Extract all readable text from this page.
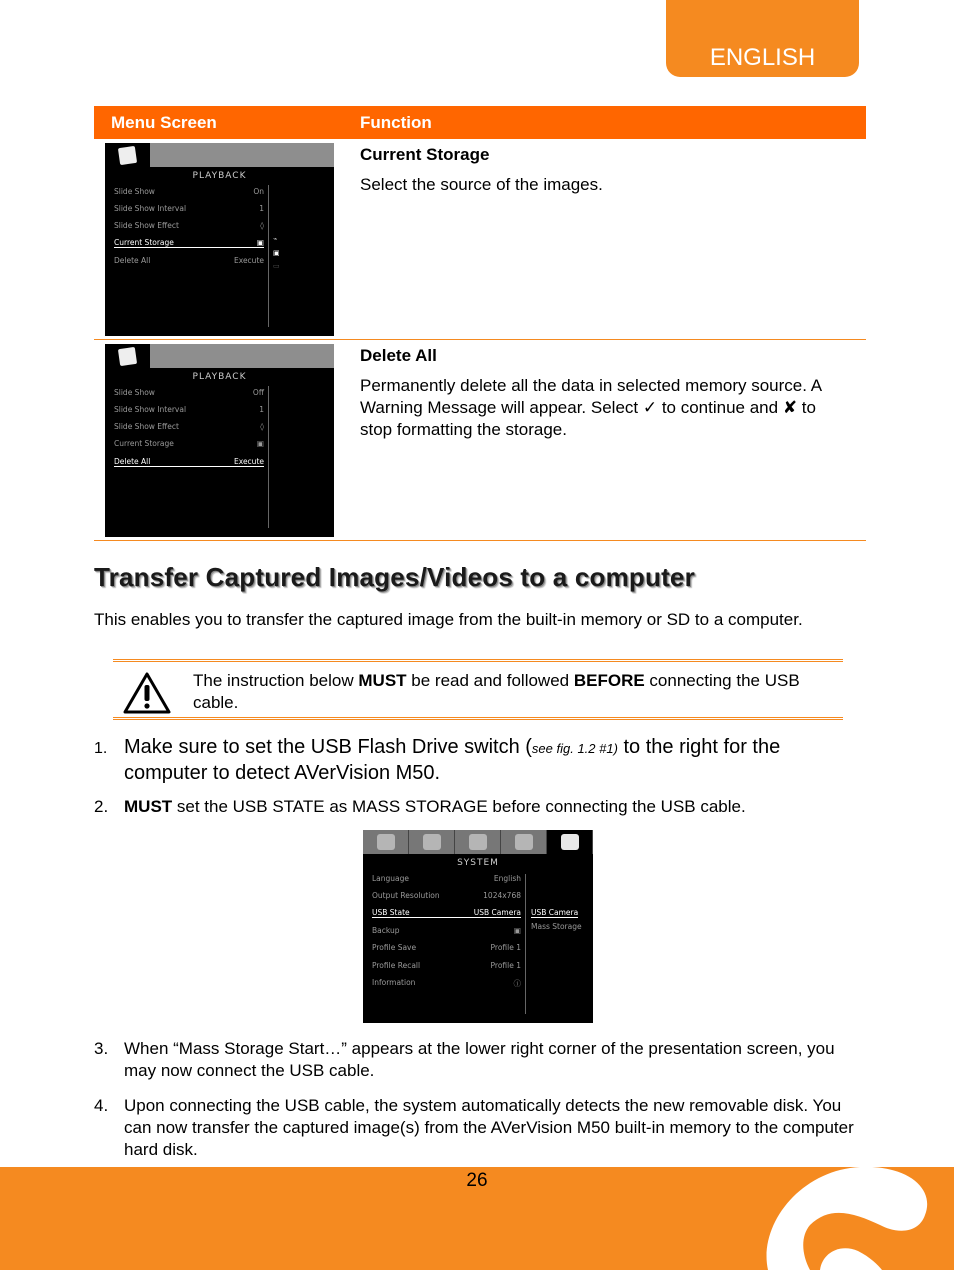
ENGLISH
Menu Screen	Function
PLAYBACK
Slide Show	On
Slide Show Interval	1
Slide Show Effect	◊
Current Storage	▣
Delete All	Execute
⌁
▣
▭
Current Storage
Select the source of the images.
PLAYBACK
Slide Show	Off
Slide Show Interval	1
Slide Show Effect	◊
Current Storage	▣
Delete All	Execute
Delete All
Permanently delete all the data in selected memory source. A Warning Message will appear. Select ✓ to continue and ✘ to stop formatting the storage.
Transfer Captured Images/Videos to a computer
This enables you to transfer the captured image from the built-in memory or SD to a computer.
The instruction below MUST be read and followed BEFORE connecting the USB cable.
1. Make sure to set the USB Flash Drive switch (see fig. 1.2 #1) to the right for the computer to detect AVerVision M50.
2. MUST set the USB STATE as MASS STORAGE before connecting the USB cable.
SYSTEM
Language	English
Output Resolution	1024x768
USB State	USB Camera
Backup	▣
Profile Save	Profile 1
Profile Recall	Profile 1
Information	ⓘ
USB Camera
Mass Storage
3. When “Mass Storage Start…” appears at the lower right corner of the presentation screen, you may now connect the USB cable.
4. Upon connecting the USB cable, the system automatically detects the new removable disk. You can now transfer the captured image(s) from the AVerVision M50 built-in memory to the computer hard disk.
26
